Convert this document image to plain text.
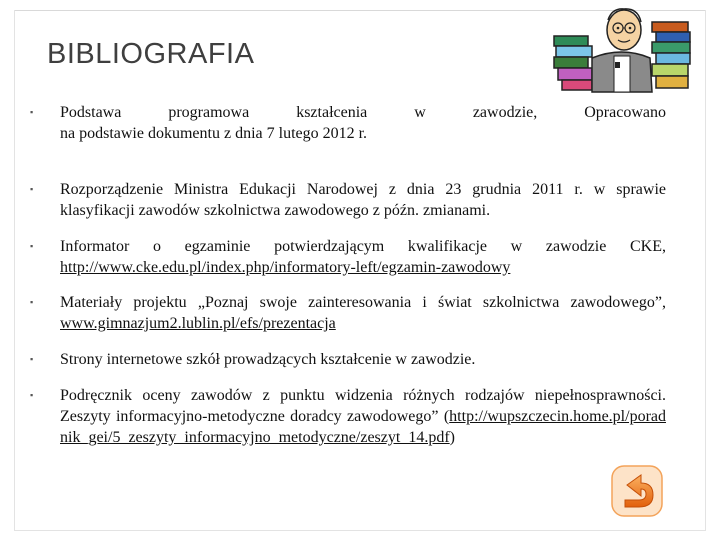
BIBLIOGRAFIA
▪ Podstawa	programowa	kształcenia	w	zawodzie,	Opracowano
na podstawie dokumentu z dnia 7 lutego 2012 r.
▪ Rozporządzenie Ministra Edukacji Narodowej z dnia 23 grudnia 2011 r. w sprawie klasyfikacji zawodów szkolnictwa zawodowego z późn. zmianami.
▪ Informator o egzaminie potwierdzającym kwalifikacje w zawodzie CKE, http://www.cke.edu.pl/index.php/informatory-left/egzamin-zawodowy
▪ Materiały projektu „Poznaj swoje zainteresowania i świat szkolnictwa zawodowego”, www.gimnazjum2.lublin.pl/efs/prezentacja
▪ Strony internetowe szkół prowadzących kształcenie w zawodzie.
▪ Podręcznik oceny zawodów z punktu widzenia różnych rodzajów niepełnosprawności. Zeszyty informacyjno-metodyczne doradcy zawodowego” (http://wupszczecin.home.pl/poradnik_gei/5_zeszyty_informacyjno_metodyczne/zeszyt_14.pdf)
